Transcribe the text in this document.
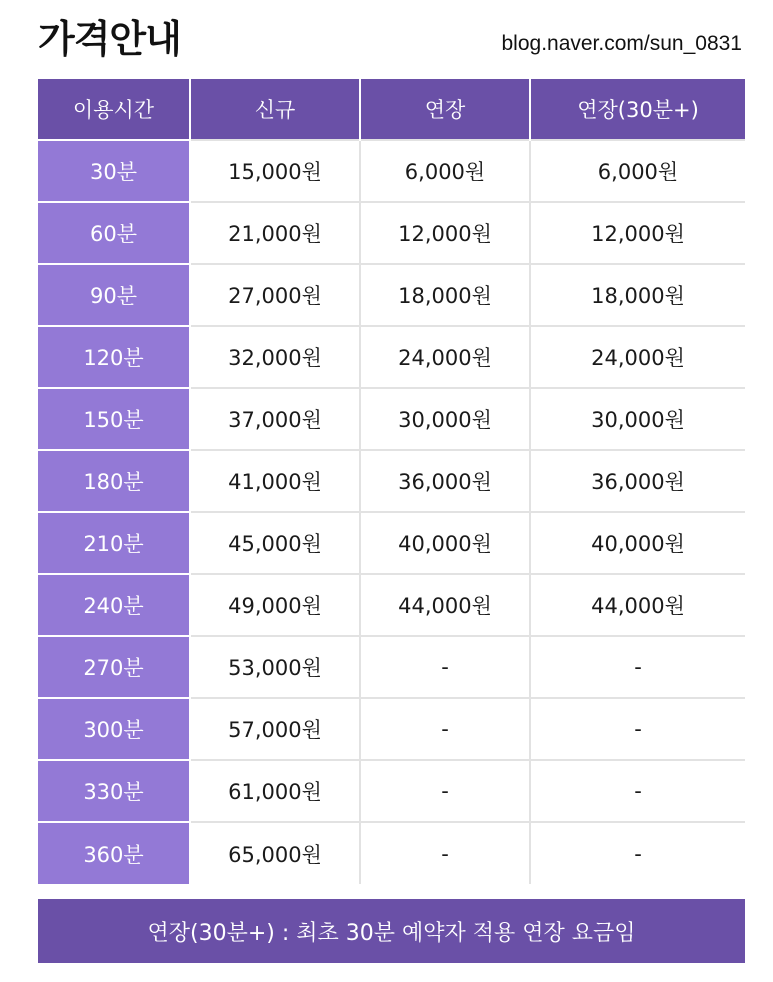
가격안내	blog.naver.com/sun_0831
이용시간	신규	연장	연장(30분+)
30분	15,000원	6,000원	6,000원
60분	21,000원	12,000원	12,000원
90분	27,000원	18,000원	18,000원
120분	32,000원	24,000원	24,000원
150분	37,000원	30,000원	30,000원
180분	41,000원	36,000원	36,000원
210분	45,000원	40,000원	40,000원
240분	49,000원	44,000원	44,000원
270분	53,000원	-	-
300분	57,000원	-	-
330분	61,000원	-	-
360분	65,000원	-	-
연장(30분+) : 최초 30분 예약자 적용 연장 요금임
